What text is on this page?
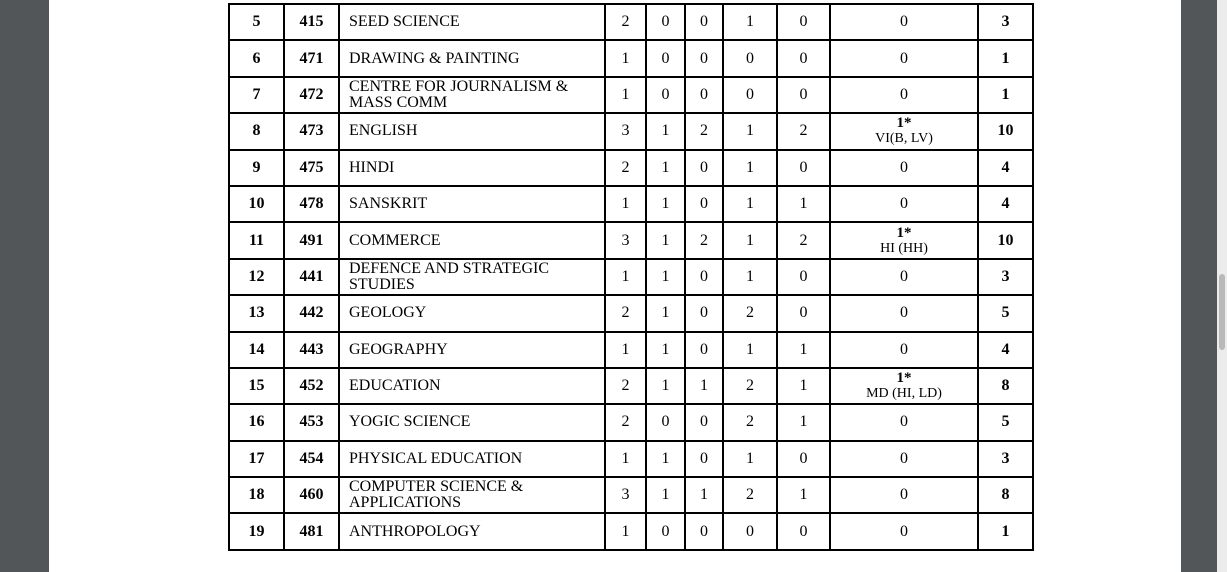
5	415	SEED SCIENCE	2	0	0	1	0	0	3
6	471	DRAWING & PAINTING	1	0	0	0	0	0	1
7	472	CENTRE FOR JOURNALISM &
MASS COMM	1	0	0	0	0	0	1
8	473	ENGLISH	3	1	2	1	2	1*
VI(B, LV)	10
9	475	HINDI	2	1	0	1	0	0	4
10	478	SANSKRIT	1	1	0	1	1	0	4
11	491	COMMERCE	3	1	2	1	2	1*
HI (HH)	10
12	441	DEFENCE AND STRATEGIC
STUDIES	1	1	0	1	0	0	3
13	442	GEOLOGY	2	1	0	2	0	0	5
14	443	GEOGRAPHY	1	1	0	1	1	0	4
15	452	EDUCATION	2	1	1	2	1	1*
MD (HI, LD)	8
16	453	YOGIC SCIENCE	2	0	0	2	1	0	5
17	454	PHYSICAL EDUCATION	1	1	0	1	0	0	3
18	460	COMPUTER SCIENCE &
APPLICATIONS	3	1	1	2	1	0	8
19	481	ANTHROPOLOGY	1	0	0	0	0	0	1
